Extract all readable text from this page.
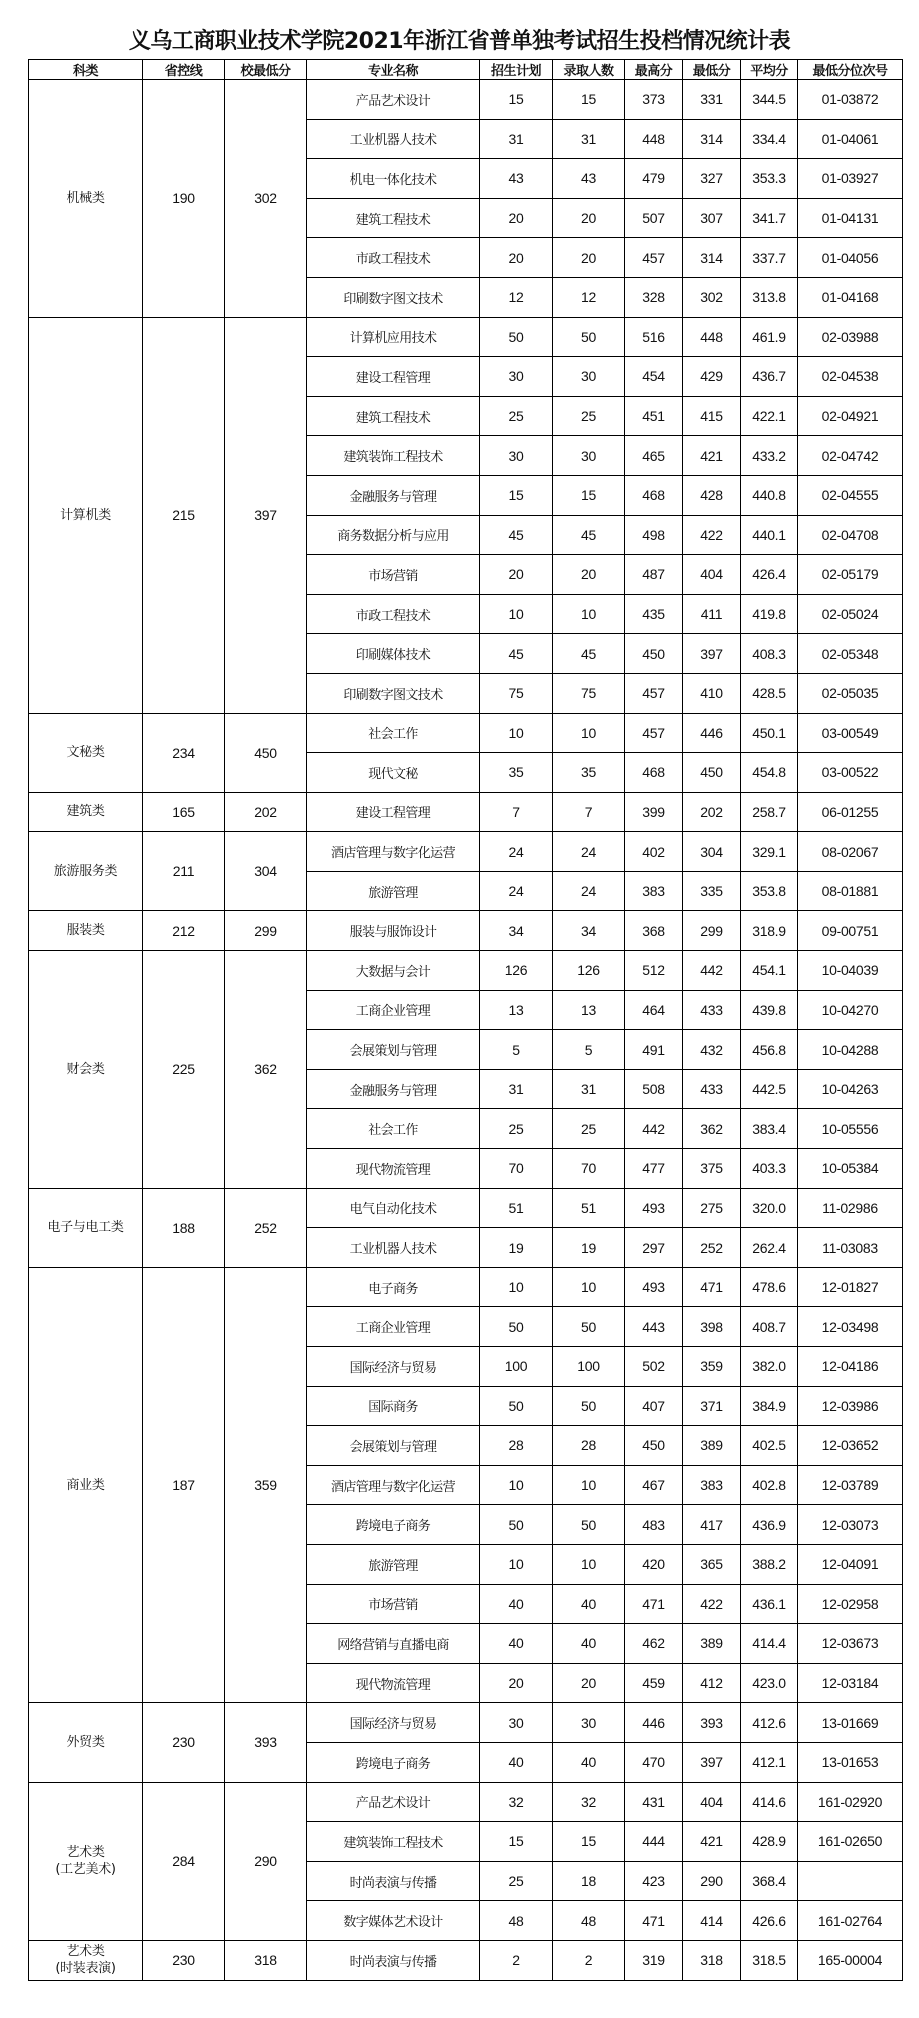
义乌工商职业技术学院2021年浙江省普单独考试招生投档情况统计表
科类	省控线	校最低分	专业名称	招生计划	录取人数	最高分	最低分	平均分	最低分位次号
机械类	190	302	产品艺术设计	15	15	373	331	344.5	01-03872
			工业机器人技术	31	31	448	314	334.4	01-04061
			机电一体化技术	43	43	479	327	353.3	01-03927
			建筑工程技术	20	20	507	307	341.7	01-04131
			市政工程技术	20	20	457	314	337.7	01-04056
			印刷数字图文技术	12	12	328	302	313.8	01-04168
计算机类	215	397	计算机应用技术	50	50	516	448	461.9	02-03988
			建设工程管理	30	30	454	429	436.7	02-04538
			建筑工程技术	25	25	451	415	422.1	02-04921
			建筑装饰工程技术	30	30	465	421	433.2	02-04742
			金融服务与管理	15	15	468	428	440.8	02-04555
			商务数据分析与应用	45	45	498	422	440.1	02-04708
			市场营销	20	20	487	404	426.4	02-05179
			市政工程技术	10	10	435	411	419.8	02-05024
			印刷媒体技术	45	45	450	397	408.3	02-05348
			印刷数字图文技术	75	75	457	410	428.5	02-05035
文秘类	234	450	社会工作	10	10	457	446	450.1	03-00549
			现代文秘	35	35	468	450	454.8	03-00522
建筑类	165	202	建设工程管理	7	7	399	202	258.7	06-01255
旅游服务类	211	304	酒店管理与数字化运营	24	24	402	304	329.1	08-02067
			旅游管理	24	24	383	335	353.8	08-01881
服装类	212	299	服装与服饰设计	34	34	368	299	318.9	09-00751
财会类	225	362	大数据与会计	126	126	512	442	454.1	10-04039
			工商企业管理	13	13	464	433	439.8	10-04270
			会展策划与管理	5	5	491	432	456.8	10-04288
			金融服务与管理	31	31	508	433	442.5	10-04263
			社会工作	25	25	442	362	383.4	10-05556
			现代物流管理	70	70	477	375	403.3	10-05384
电子与电工类	188	252	电气自动化技术	51	51	493	275	320.0	11-02986
			工业机器人技术	19	19	297	252	262.4	11-03083
商业类	187	359	电子商务	10	10	493	471	478.6	12-01827
			工商企业管理	50	50	443	398	408.7	12-03498
			国际经济与贸易	100	100	502	359	382.0	12-04186
			国际商务	50	50	407	371	384.9	12-03986
			会展策划与管理	28	28	450	389	402.5	12-03652
			酒店管理与数字化运营	10	10	467	383	402.8	12-03789
			跨境电子商务	50	50	483	417	436.9	12-03073
			旅游管理	10	10	420	365	388.2	12-04091
			市场营销	40	40	471	422	436.1	12-02958
			网络营销与直播电商	40	40	462	389	414.4	12-03673
			现代物流管理	20	20	459	412	423.0	12-03184
外贸类	230	393	国际经济与贸易	30	30	446	393	412.6	13-01669
			跨境电子商务	40	40	470	397	412.1	13-01653
艺术类
(工艺美术)	284	290	产品艺术设计	32	32	431	404	414.6	161-02920
			建筑装饰工程技术	15	15	444	421	428.9	161-02650
			时尚表演与传播	25	18	423	290	368.4	
			数字媒体艺术设计	48	48	471	414	426.6	161-02764
艺术类
(时装表演)	230	318	时尚表演与传播	2	2	319	318	318.5	165-00004
